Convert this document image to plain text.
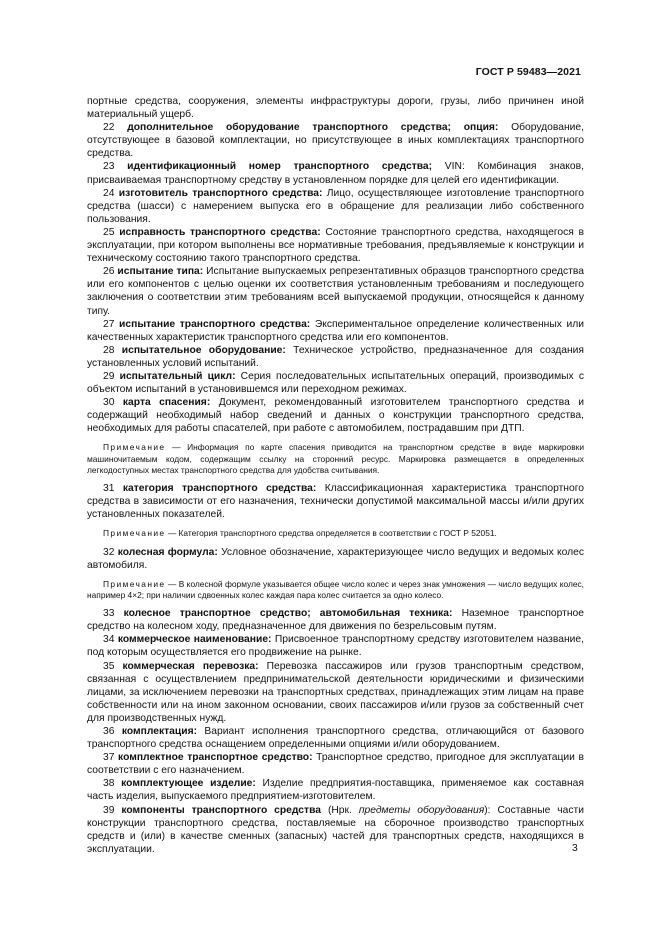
ГОСТ Р 59483—2021

портные средства, сооружения, элементы инфраструктуры дороги, грузы, либо причинен иной материальный ущерб.

22 дополнительное оборудование транспортного средства; опция: Оборудование, отсутствующее в базовой комплектации, но присутствующее в иных комплектациях транспортного средства.

23 идентификационный номер транспортного средства; VIN: Комбинация знаков, присваиваемая транспортному средству в установленном порядке для целей его идентификации.

24 изготовитель транспортного средства: Лицо, осуществляющее изготовление транспортного средства (шасси) с намерением выпуска его в обращение для реализации либо собственного пользования.

25 исправность транспортного средства: Состояние транспортного средства, находящегося в эксплуатации, при котором выполнены все нормативные требования, предъявляемые к конструкции и техническому состоянию такого транспортного средства.

26 испытание типа: Испытание выпускаемых репрезентативных образцов транспортного средства или его компонентов с целью оценки их соответствия установленным требованиям и последующего заключения о соответствии этим требованиям всей выпускаемой продукции, относящейся к данному типу.

27 испытание транспортного средства: Экспериментальное определение количественных или качественных характеристик транспортного средства или его компонентов.

28 испытательное оборудование: Техническое устройство, предназначенное для создания установленных условий испытаний.

29 испытательный цикл: Серия последовательных испытательных операций, производимых с объектом испытаний в установившемся или переходном режимах.

30 карта спасения: Документ, рекомендованный изготовителем транспортного средства и содержащий необходимый набор сведений и данных о конструкции транспортного средства, необходимых для работы спасателей, при работе с автомобилем, пострадавшим при ДТП.

Примечание — Информация по карте спасения приводится на транспортном средстве в виде маркировки машиночитаемым кодом, содержащим ссылку на сторонний ресурс. Маркировка размещается в определенных легкодоступных местах транспортного средства для удобства считывания.

31 категория транспортного средства: Классификационная характеристика транспортного средства в зависимости от его назначения, технически допустимой максимальной массы и/или других установленных показателей.

Примечание — Категория транспортного средства определяется в соответствии с ГОСТ Р 52051.

32 колесная формула: Условное обозначение, характеризующее число ведущих и ведомых колес автомобиля.

Примечание — В колесной формуле указывается общее число колес и через знак умножения — число ведущих колес, например 4×2; при наличии сдвоенных колес каждая пара колес считается за одно колесо.

33 колесное транспортное средство; автомобильная техника: Наземное транспортное средство на колесном ходу, предназначенное для движения по безрельсовым путям.

34 коммерческое наименование: Присвоенное транспортному средству изготовителем название, под которым осуществляется его продвижение на рынке.

35 коммерческая перевозка: Перевозка пассажиров или грузов транспортным средством, связанная с осуществлением предпринимательской деятельности юридическими и физическими лицами, за исключением перевозки на транспортных средствах, принадлежащих этим лицам на праве собственности или на ином законном основании, своих пассажиров и/или грузов за собственный счет для производственных нужд.

36 комплектация: Вариант исполнения транспортного средства, отличающийся от базового транспортного средства оснащением определенными опциями и/или оборудованием.

37 комплектное транспортное средство: Транспортное средство, пригодное для эксплуатации в соответствии с его назначением.

38 комплектующее изделие: Изделие предприятия-поставщика, применяемое как составная часть изделия, выпускаемого предприятием-изготовителем.

39 компоненты транспортного средства (Нрк. предметы оборудования): Составные части конструкции транспортного средства, поставляемые на сборочное производство транспортных средств и (или) в качестве сменных (запасных) частей для транспортных средств, находящихся в эксплуатации.	3
